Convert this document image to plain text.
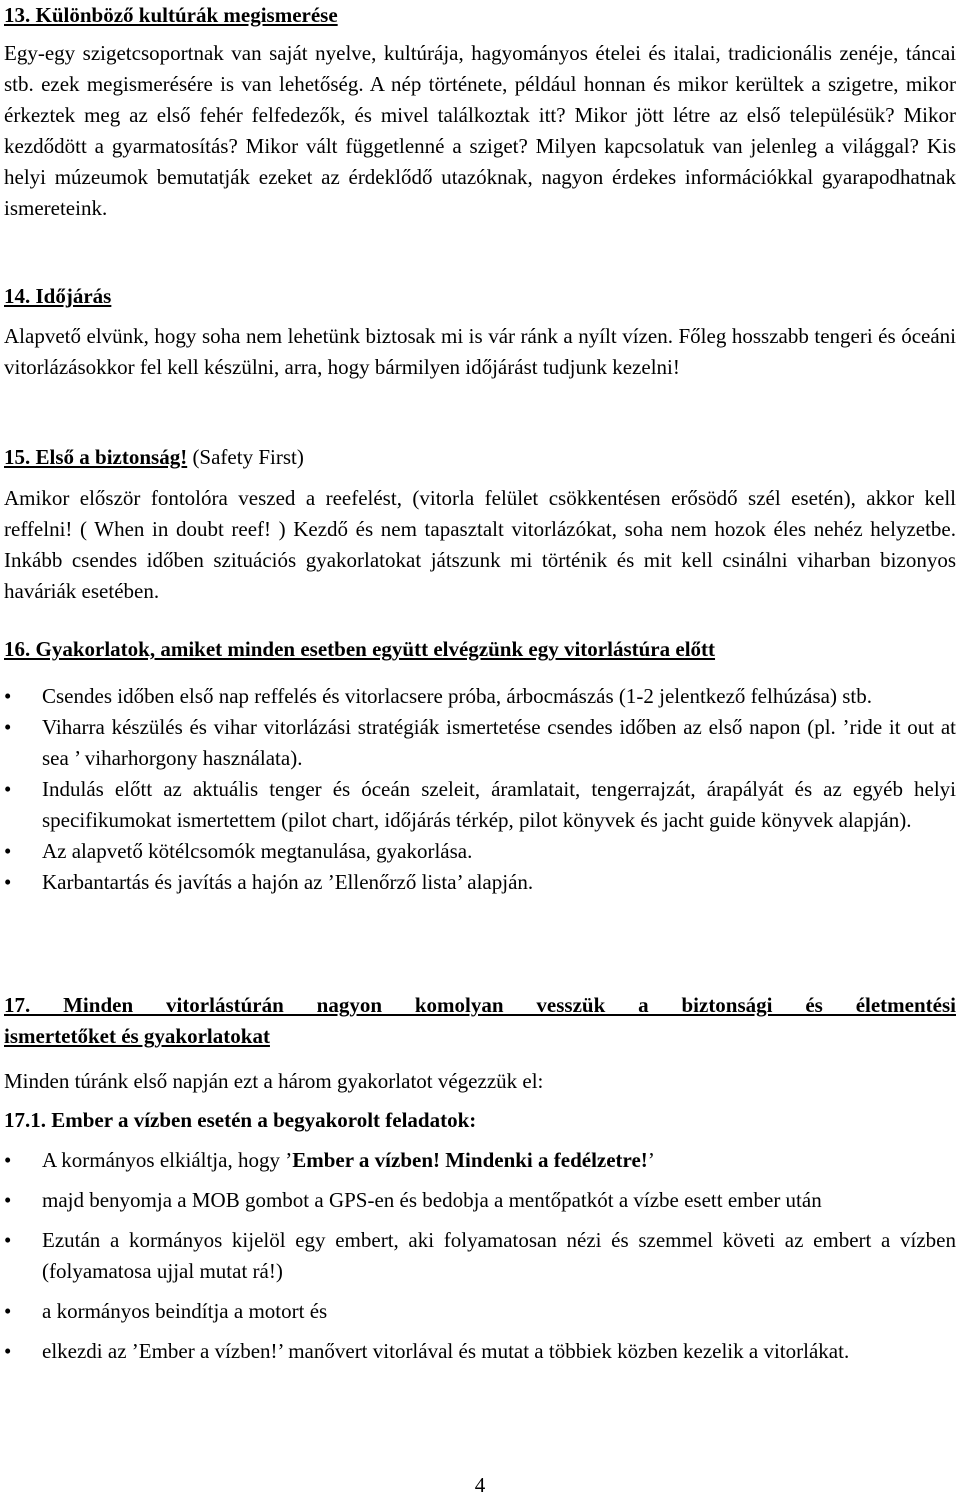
13. Különböző kultúrák megismerése

Egy-egy szigetcsoportnak van saját nyelve, kultúrája, hagyományos ételei és italai, tradicionális zenéje, táncai stb. ezek megismerésére is van lehetőség. A nép története, például honnan és mikor kerültek a szigetre, mikor érkeztek meg az első fehér felfedezők, és mivel találkoztak itt? Mikor jött létre az első településük? Mikor kezdődött a gyarmatosítás? Mikor vált függetlenné a sziget? Milyen kapcsolatuk van jelenleg a világgal? Kis helyi múzeumok bemutatják ezeket az érdeklődő utazóknak, nagyon érdekes információkkal gyarapodhatnak ismereteink.

14. Időjárás

Alapvető elvünk, hogy soha nem lehetünk biztosak mi is vár ránk a nyílt vízen. Főleg hosszabb tengeri és óceáni vitorlázásokkor fel kell készülni, arra, hogy bármilyen időjárást tudjunk kezelni!

15. Első a biztonság! (Safety First)

Amikor először fontolóra veszed a reefelést, (vitorla felület csökkentésen erősödő szél esetén), akkor kell reffelni! ( When in doubt reef! ) Kezdő és nem tapasztalt vitorlázókat, soha nem hozok éles nehéz helyzetbe. Inkább csendes időben szituációs gyakorlatokat játszunk mi történik és mit kell csinálni viharban bizonyos haváriák esetében.

16. Gyakorlatok, amiket minden esetben együtt elvégzünk egy vitorlástúra előtt

•	Csendes időben első nap reffelés és vitorlacsere próba, árbocmászás (1-2 jelentkező felhúzása) stb.
•	Viharra készülés és vihar vitorlázási stratégiák ismertetése csendes időben az első napon (pl. ’ride it out at sea ’ viharhorgony használata).
•	Indulás előtt az aktuális tenger és óceán szeleit, áramlatait, tengerrajzát, árapályát és az egyéb helyi specifikumokat ismertettem (pilot chart, időjárás térkép, pilot könyvek és jacht guide könyvek alapján).
•	Az alapvető kötélcsomók megtanulása, gyakorlása.
•	Karbantartás és javítás a hajón az ’Ellenőrző lista’ alapján.

17. Minden vitorlástúrán nagyon komolyan vesszük a biztonsági és életmentési

ismertetőket és gyakorlatokat

Minden túránk első napján ezt a három gyakorlatot végezzük el:

17.1. Ember a vízben esetén a begyakorolt feladatok:

•	A kormányos elkiáltja, hogy ’Ember a vízben! Mindenki a fedélzetre!’
•	majd benyomja a MOB gombot a GPS-en és bedobja a mentőpatkót a vízbe esett ember után
•	Ezután a kormányos kijelöl egy embert, aki folyamatosan nézi és szemmel követi az embert a vízben (folyamatosa ujjal mutat rá!)
•	a kormányos beindítja a motort és
•	elkezdi az ’Ember a vízben!’ manővert vitorlával és mutat a többiek közben kezelik a vitorlákat.
4
